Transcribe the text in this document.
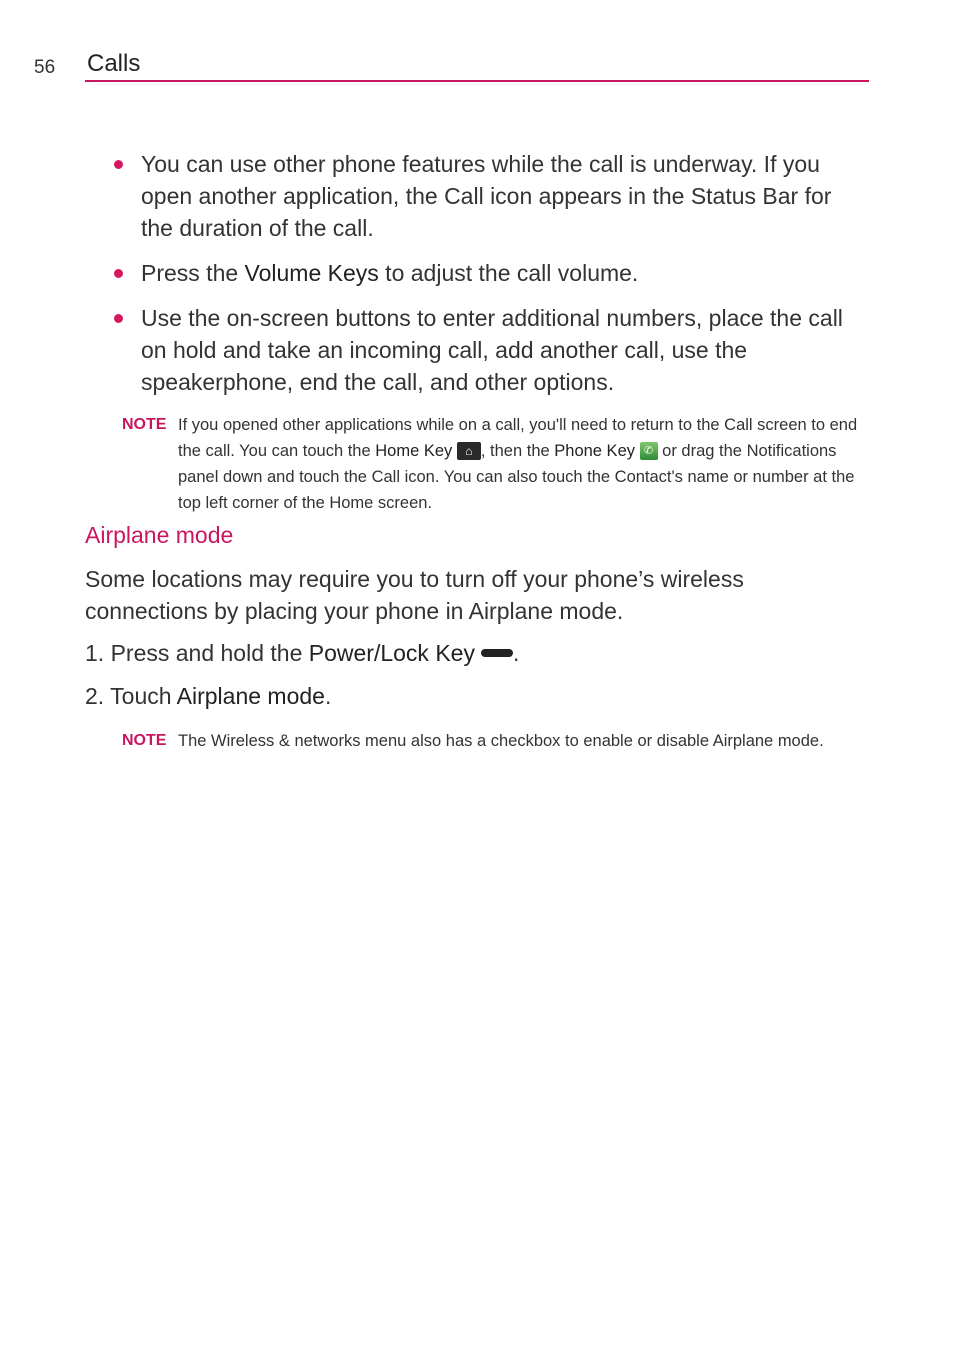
56 Calls
You can use other phone features while the call is underway. If you open another application, the Call icon appears in the Status Bar for the duration of the call.
Press the Volume Keys to adjust the call volume.
Use the on-screen buttons to enter additional numbers, place the call on hold and take an incoming call, add another call, use the speakerphone, end the call, and other options.
NOTE If you opened other applications while on a call, you'll need to return to the Call screen to end the call. You can touch the Home Key ⌂ , then the Phone Key ✆ or drag the Notifications panel down and touch the Call icon. You can also touch the Contact's name or number at the top left corner of the Home screen.
Airplane mode
Some locations may require you to turn off your phone’s wireless connections by placing your phone in Airplane mode.
1. Press and hold the Power/Lock Key .
2. Touch Airplane mode.
NOTE The Wireless & networks menu also has a checkbox to enable or disable Airplane mode.
